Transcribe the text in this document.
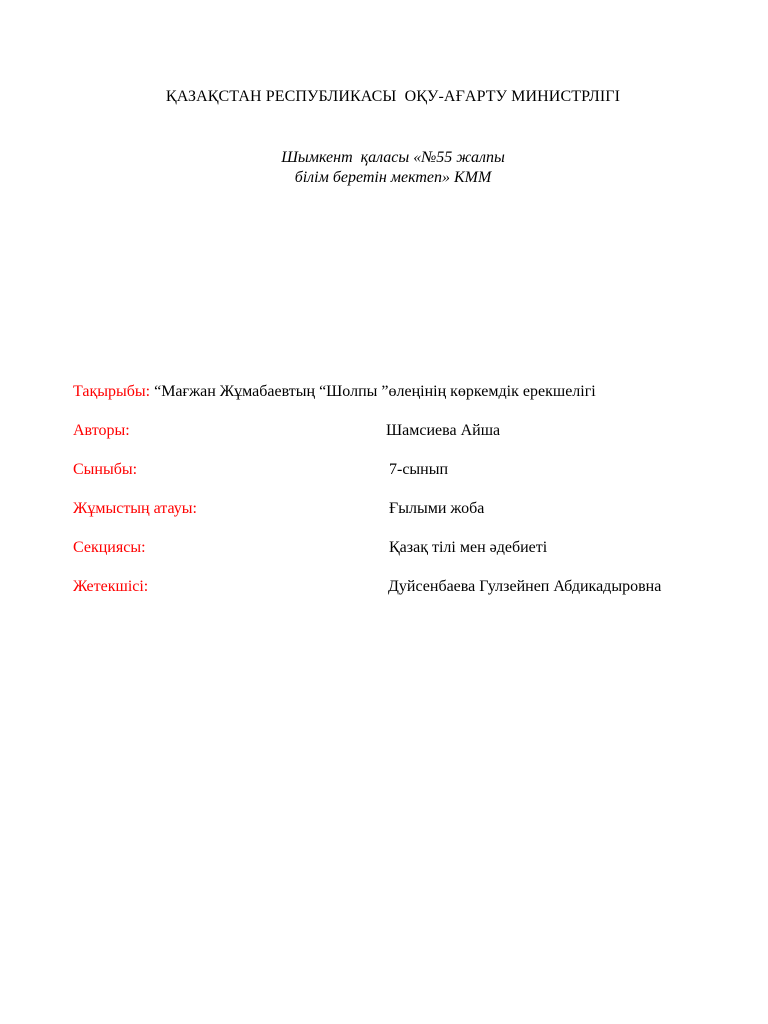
ҚАЗАҚСТАН РЕСПУБЛИКАСЫ  ОҚУ-АҒАРТУ МИНИСТРЛІГІ
Шымкент  қаласы «№55 жалпы
білім беретін мектеп» КММ
Тақырыбы: “Мағжан Жұмабаевтың “Шолпы ”өлеңінің көркемдік ерекшелігі
Авторы:	Шамсиева Айша
Сыныбы:	7-сынып
Жұмыстың атауы:	Ғылыми жоба
Секциясы:	Қазақ тілі мен әдебиеті
Жетекшісі:	Дуйсенбаева Гулзейнеп Абдикадыровна
